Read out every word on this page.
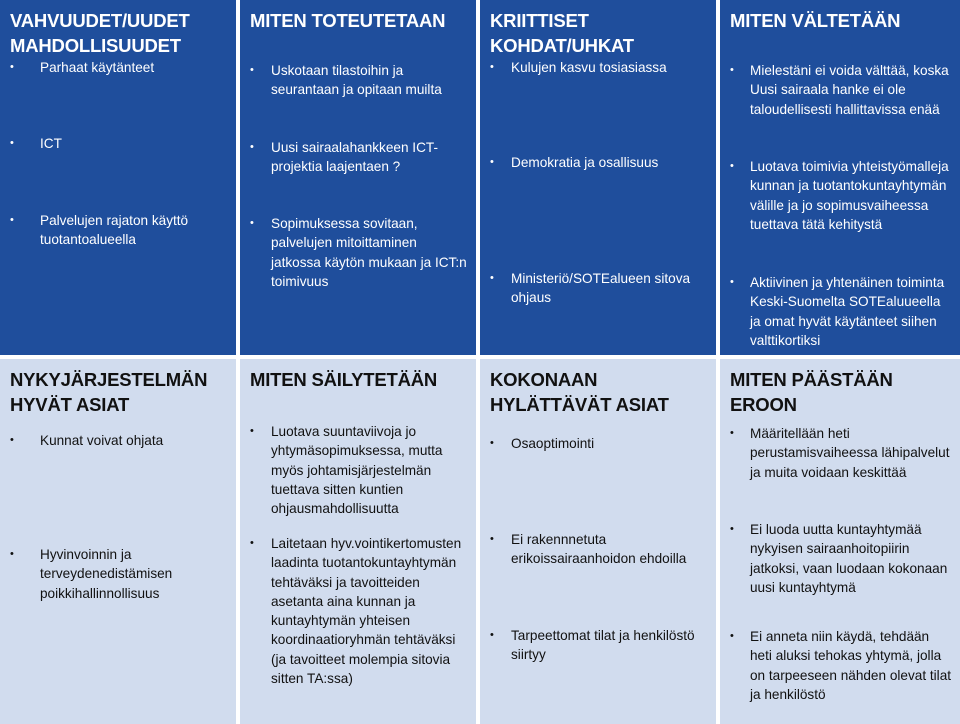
VAHVUUDET/UUDET MAHDOLLISUUDET
•	Parhaat käytänteet
•	ICT
•	Palvelujen rajaton käyttö tuotantoalueella
MITEN TOTEUTETAAN
•	Uskotaan tilastoihin ja seurantaan ja opitaan muilta
•	Uusi sairaalahankkeen ICT-projektia laajentaen ?
•	Sopimuksessa sovitaan, palvelujen mitoittaminen jatkossa käytön mukaan ja ICT:n toimivuus
KRIITTISET KOHDAT/UHKAT
•	Kulujen kasvu tosiasiassa
•	Demokratia ja osallisuus
•	Ministeriö/SOTEalueen sitova ohjaus
MITEN VÄLTETÄÄN
•	Mielestäni ei voida välttää, koska Uusi sairaala hanke ei ole taloudellisesti hallittavissa enää
•	Luotava toimivia yhteistyömalleja kunnan ja tuotantokuntayhtymän välille ja jo sopimusvaiheessa tuettava tätä kehitystä
•	Aktiivinen ja yhtenäinen toiminta Keski-Suomelta SOTEaluueella ja omat hyvät käytänteet siihen valttikortiksi
NYKYJÄRJESTELMÄN HYVÄT ASIAT
•	Kunnat voivat ohjata
•	Hyvinvoinnin ja terveydenedistämisen poikkihallinnollisuus
MITEN SÄILYTETÄÄN
•	Luotava suuntaviivoja jo yhtymäsopimuksessa, mutta myös johtamisjärjestelmän tuettava sitten kuntien ohjausmahdollisuutta
•	Laitetaan hyv.vointikertomusten laadinta tuotantokuntayhtymän tehtäväksi ja tavoitteiden asetanta aina kunnan ja kuntayhtymän yhteisen koordinaatioryhmän tehtäväksi (ja tavoitteet molempia sitovia sitten TA:ssa)
KOKONAAN HYLÄTTÄVÄT ASIAT
•	Osaoptimointi
•	Ei rakennnetuta erikoissairaanhoidon ehdoilla
•	Tarpeettomat tilat ja henkilöstö siirtyy
MITEN PÄÄSTÄÄN EROON
•	Määritellään heti perustamisvaiheessa lähipalvelut ja muita voidaan keskittää
•	Ei luoda uutta kuntayhtymää nykyisen sairaanhoitopiirin jatkoksi, vaan luodaan kokonaan uusi kuntayhtymä
•	Ei anneta niin käydä, tehdään heti aluksi tehokas yhtymä, jolla on tarpeeseen nähden olevat tilat ja henkilöstö
